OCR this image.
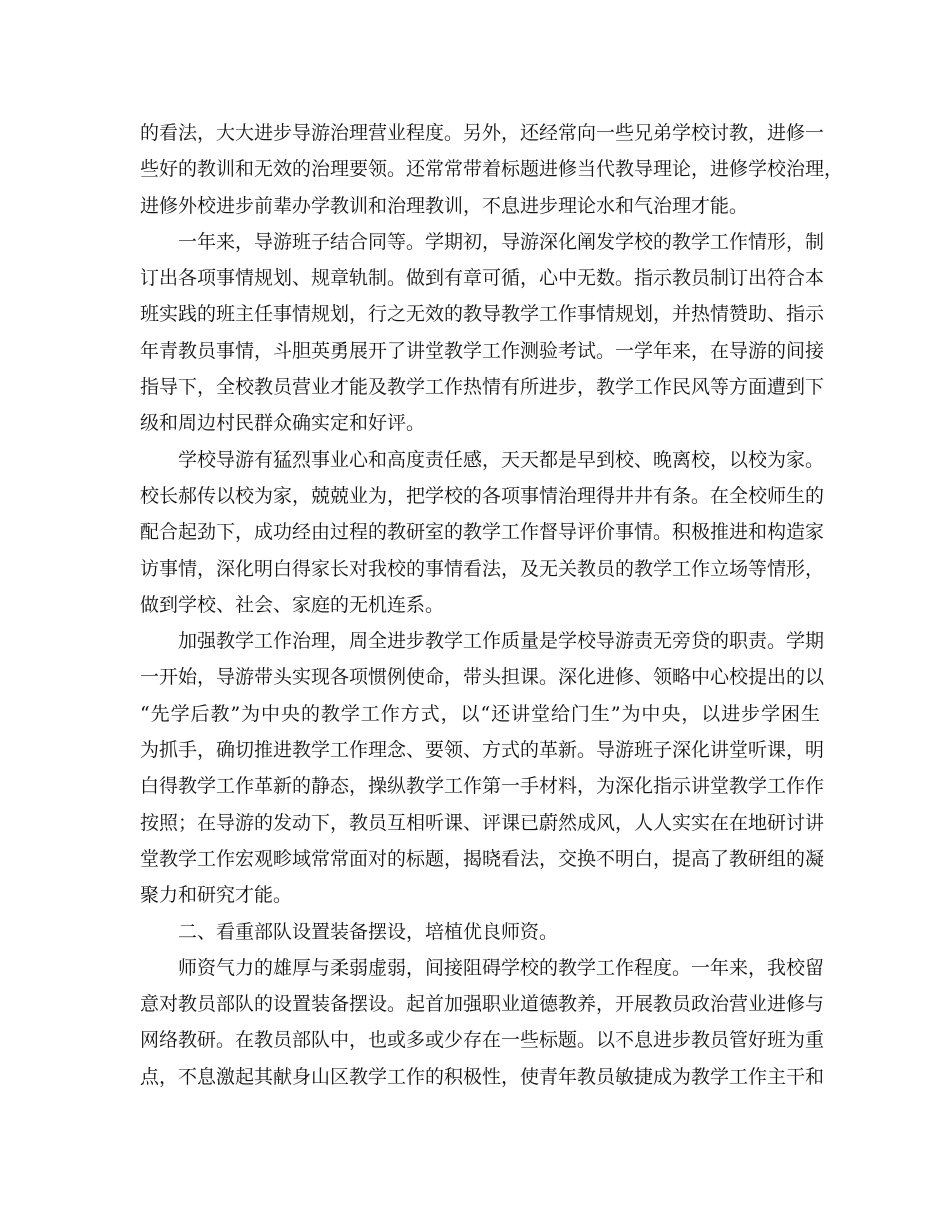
的看法，大大进步导游治理营业程度。另外，还经常向一些兄弟学校讨教，进修一
些好的教训和无效的治理要领。还常常带着标题进修当代教导理论，进修学校治理，
进修外校进步前辈办学教训和治理教训，不息进步理论水和气治理才能。
一年来，导游班子结合同等。学期初，导游深化阐发学校的教学工作情形，制
订出各项事情规划、规章轨制。做到有章可循，心中无数。指示教员制订出符合本
班实践的班主任事情规划，行之无效的教导教学工作事情规划，并热情赞助、指示
年青教员事情，斗胆英勇展开了讲堂教学工作测验考试。一学年来，在导游的间接
指导下，全校教员营业才能及教学工作热情有所进步，教学工作民风等方面遭到下
级和周边村民群众确实定和好评。
学校导游有猛烈事业心和高度责任感，天天都是早到校、晚离校，以校为家。
校长郝传以校为家，兢兢业为，把学校的各项事情治理得井井有条。在全校师生的
配合起劲下，成功经由过程的教研室的教学工作督导评价事情。积极推进和构造家
访事情，深化明白得家长对我校的事情看法，及无关教员的教学工作立场等情形，
做到学校、社会、家庭的无机连系。
加强教学工作治理，周全进步教学工作质量是学校导游责无旁贷的职责。学期
一开始，导游带头实现各项惯例使命，带头担课。深化进修、领略中心校提出的以
“先学后教”为中央的教学工作方式，以“还讲堂给门生”为中央，以进步学困生
为抓手，确切推进教学工作理念、要领、方式的革新。导游班子深化讲堂听课，明
白得教学工作革新的静态，操纵教学工作第一手材料，为深化指示讲堂教学工作作
按照；在导游的发动下，教员互相听课、评课已蔚然成风，人人实实在在地研讨讲
堂教学工作宏观畛域常常面对的标题，揭晓看法，交换不明白，提高了教研组的凝
聚力和研究才能。
二、看重部队设置装备摆设，培植优良师资。
师资气力的雄厚与柔弱虚弱，间接阻碍学校的教学工作程度。一年来，我校留
意对教员部队的设置装备摆设。起首加强职业道德教养，开展教员政治营业进修与
网络教研。在教员部队中，也或多或少存在一些标题。以不息进步教员管好班为重
点，不息激起其献身山区教学工作的积极性，使青年教员敏捷成为教学工作主干和
